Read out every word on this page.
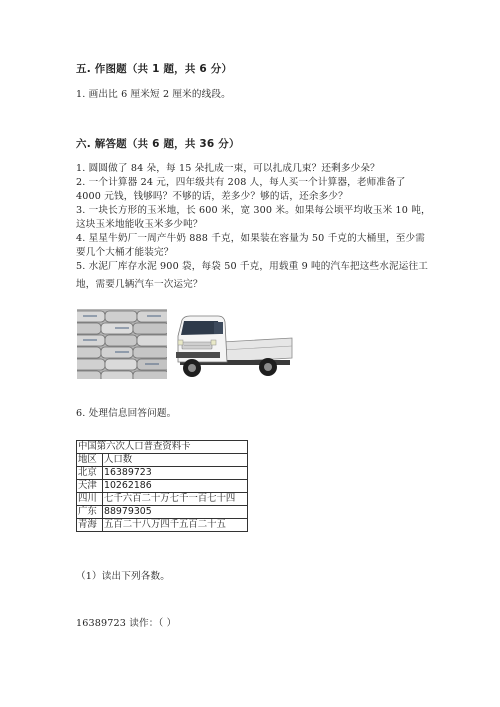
五. 作图题（共 1 题，共 6 分）
1. 画出比 6 厘米短 2 厘米的线段。
六. 解答题（共 6 题，共 36 分）
1. 圆圆做了 84 朵，每 15 朵扎成一束，可以扎成几束？还剩多少朵？
2. 一个计算器 24 元，四年级共有 208 人，每人买一个计算器，老师准备了
4000 元钱，钱够吗？不够的话，差多少？够的话，还余多少？
3. 一块长方形的玉米地，长 600 米，宽 300 米。如果每公顷平均收玉米 10 吨，
这块玉米地能收玉米多少吨？
4. 星星牛奶厂一周产牛奶 888 千克，如果装在容量为 50 千克的大桶里，至少需
要几个大桶才能装完？
5. 水泥厂库存水泥 900 袋，每袋 50 千克，用载重 9 吨的汽车把这些水泥运往工
地，需要几辆汽车一次运完？
6. 处理信息回答问题。
中国第六次人口普查资料卡	
地区	人口数
北京	16389723
天津	10262186
四川	七千六百二十万七千一百七十四
广东	88979305
青海	五百二十八万四千五百二十五
（1）读出下列各数。
16389723 读作：（ ）
